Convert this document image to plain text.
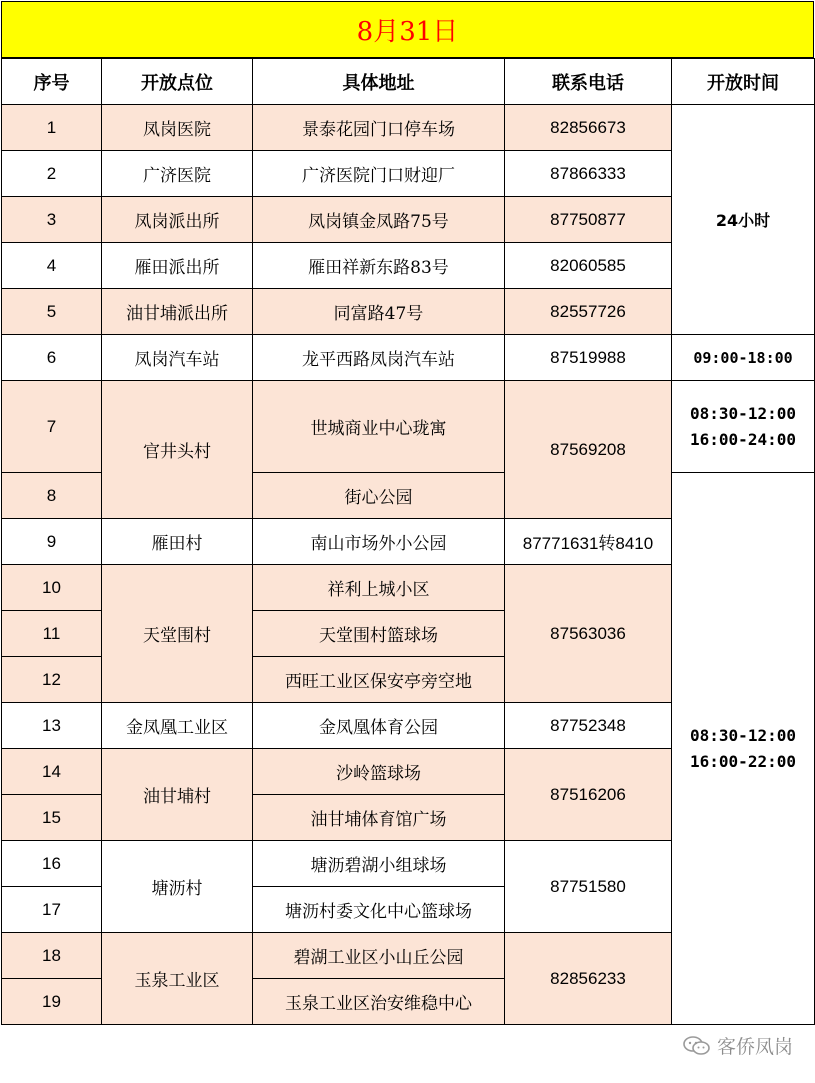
8月31日
序号	开放点位	具体地址	联系电话	开放时间
1	凤岗医院	景泰花园门口停车场	82856673	24小时
2	广济医院	广济医院门口财迎厂	87866333	
3	凤岗派出所	凤岗镇金凤路75号	87750877	
4	雁田派出所	雁田祥新东路83号	82060585	
5	油甘埔派出所	同富路47号	82557726	
6	凤岗汽车站	龙平西路凤岗汽车站	87519988	09:00-18:00
7	官井头村	世城商业中心珑寓	87569208	08:30-12:00
16:00-24:00
8		街心公园		08:30-12:00
16:00-22:00
9	雁田村	南山市场外小公园	87771631转8410	
10	天堂围村	祥利上城小区	87563036	
11		天堂围村篮球场		
12		西旺工业区保安亭旁空地		
13	金凤凰工业区	金凤凰体育公园	87752348	
14	油甘埔村	沙岭篮球场	87516206	
15		油甘埔体育馆广场		
16	塘沥村	塘沥碧湖小组球场	87751580	
17		塘沥村委文化中心篮球场		
18	玉泉工业区	碧湖工业区小山丘公园	82856233	
19		玉泉工业区治安维稳中心		
客侨凤岗
